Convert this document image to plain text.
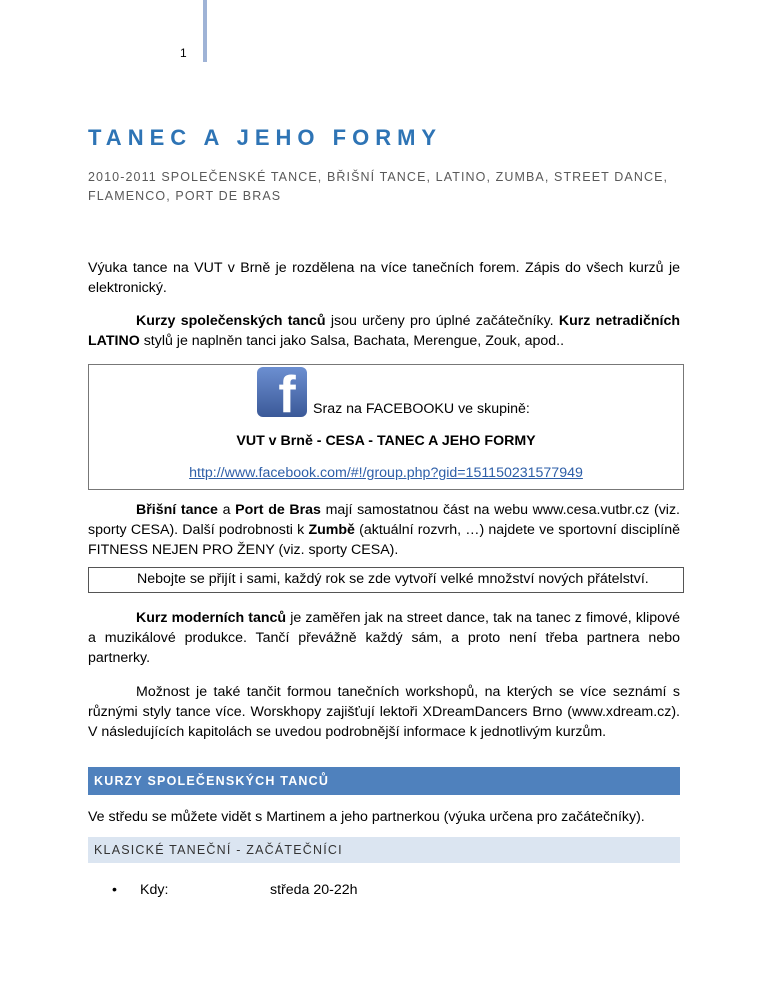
1
TANEC A JEHO FORMY
2010-2011 SPOLEČENSKÉ TANCE, BŘIŠNÍ TANCE, LATINO, ZUMBA, STREET DANCE, FLAMENCO, PORT DE BRAS
Výuka tance na VUT v Brně je rozdělena na více tanečních forem. Zápis do všech kurzů je elektronický.
Kurzy společenských tanců jsou určeny pro úplné začátečníky. Kurz netradičních LATINO stylů je naplněn tanci jako Salsa, Bachata, Merengue, Zouk, apod..
f Sraz na FACEBOOKU ve skupině:
VUT v Brně - CESA - TANEC A JEHO FORMY
http://www.facebook.com/#!/group.php?gid=151150231577949
Břišní tance a Port de Bras mají samostatnou část na webu www.cesa.vutbr.cz (viz. sporty CESA). Další podrobnosti k Zumbě (aktuální rozvrh, …) najdete ve sportovní disciplíně FITNESS NEJEN PRO ŽENY (viz. sporty CESA).
Nebojte se přijít i sami, každý rok se zde vytvoří velké množství nových přátelství.
Kurz moderních tanců je zaměřen jak na street dance, tak na tanec z fimové, klipové a muzikálové produkce. Tančí převážně každý sám, a proto není třeba partnera nebo partnerky.
Možnost je také tančit formou tanečních workshopů, na kterých se více seznámí s různými styly tance více. Worskhopy zajišťují lektoři XDreamDancers Brno (www.xdream.cz). V následujících kapitolách se uvedou podrobnější informace k jednotlivým kurzům.
KURZY SPOLEČENSKÝCH TANCŮ
Ve středu se můžete vidět s Martinem a jeho partnerkou (výuka určena pro začátečníky).
KLASICKÉ TANEČNÍ - ZAČÁTEČNÍCI
• Kdy:	středa 20-22h
